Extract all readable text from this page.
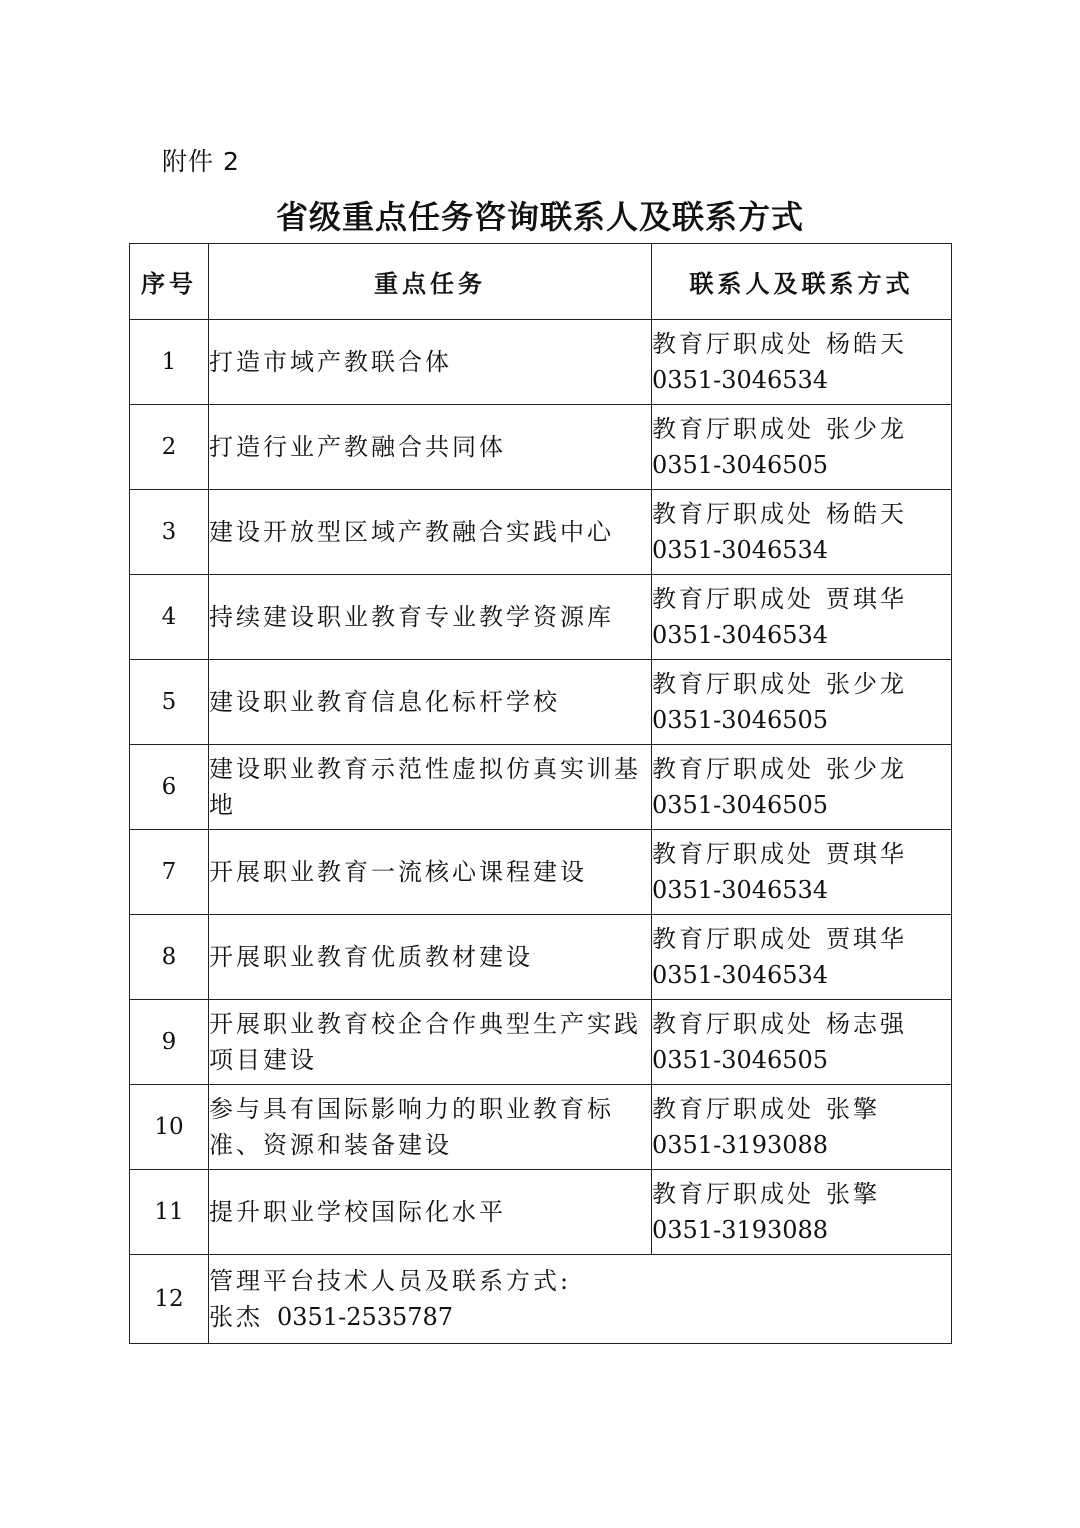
附件 2
省级重点任务咨询联系人及联系方式
序号	重点任务	联系人及联系方式
1	打造市域产教联合体	教育厅职成处 杨皓天
0351-3046534

2	打造行业产教融合共同体	教育厅职成处 张少龙
0351-3046505

3	建设开放型区域产教融合实践中心	教育厅职成处 杨皓天
0351-3046534

4	持续建设职业教育专业教学资源库	教育厅职成处 贾琪华
0351-3046534

5	建设职业教育信息化标杆学校	教育厅职成处 张少龙
0351-3046505

6	建设职业教育示范性虚拟仿真实训基地	教育厅职成处 张少龙
0351-3046505

7	开展职业教育一流核心课程建设	教育厅职成处 贾琪华
0351-3046534

8	开展职业教育优质教材建设	教育厅职成处 贾琪华
0351-3046534

9	开展职业教育校企合作典型生产实践项目建设	教育厅职成处 杨志强
0351-3046505

10	参与具有国际影响力的职业教育标准、资源和装备建设	教育厅职成处 张擎
0351-3193088

11	提升职业学校国际化水平	教育厅职成处 张擎
0351-3193088

12	管理平台技术人员及联系方式:
张杰 0351-2535787	
